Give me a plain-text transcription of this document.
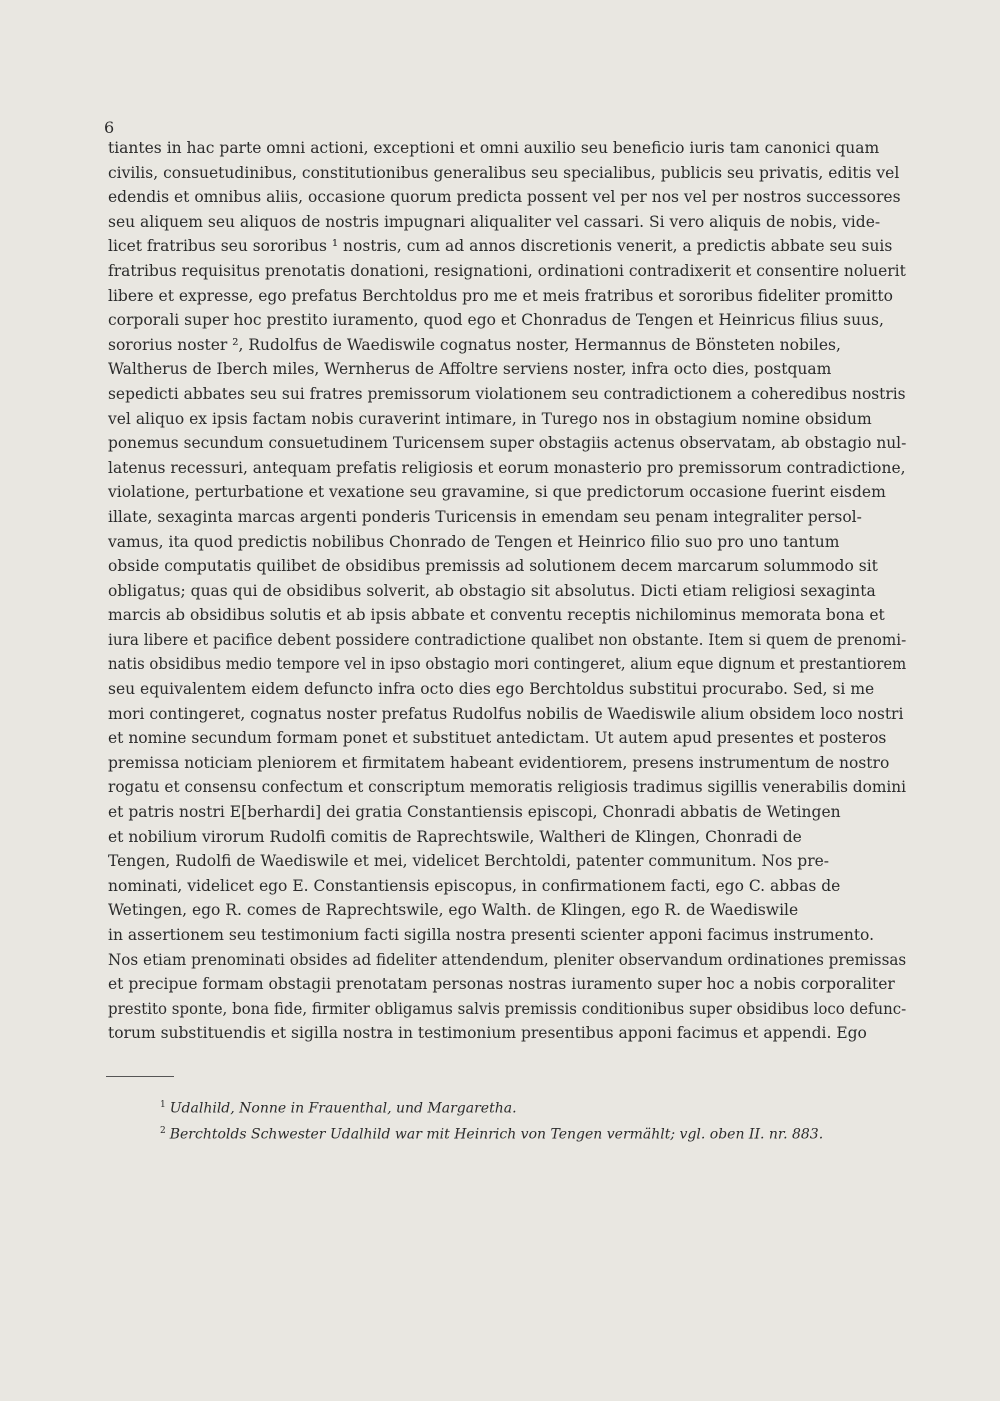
6
tiantes in hac parte omni actioni, exceptioni et omni auxilio seu beneficio iuris tam canonici quam
civilis, consuetudinibus, constitutionibus generalibus seu specialibus, publicis seu privatis, editis vel
edendis et omnibus aliis, occasione quorum predicta possent vel per nos vel per nostros successores
seu aliquem seu aliquos de nostris impugnari aliqualiter vel cassari. Si vero aliquis de nobis, vide-
licet fratribus seu sororibus ¹ nostris, cum ad annos discretionis venerit, a predictis abbate seu suis
fratribus requisitus prenotatis donationi, resignationi, ordinationi contradixerit et consentire noluerit
libere et expresse, ego prefatus Berchtoldus pro me et meis fratribus et sororibus fideliter promitto
corporali super hoc prestito iuramento, quod ego et Chonradus de Tengen et Heinricus filius suus,
sororius noster ², Rudolfus de Waediswile cognatus noster, Hermannus de Bönsteten nobiles,
Waltherus de Iberch miles, Wernherus de Affoltre serviens noster, infra octo dies, postquam
sepedicti abbates seu sui fratres premissorum violationem seu contradictionem a coheredibus nostris
vel aliquo ex ipsis factam nobis curaverint intimare, in Turego nos in obstagium nomine obsidum
ponemus secundum consuetudinem Turicensem super obstagiis actenus observatam, ab obstagio nul-
latenus recessuri, antequam prefatis religiosis et eorum monasterio pro premissorum contradictione,
violatione, perturbatione et vexatione seu gravamine, si que predictorum occasione fuerint eisdem
illate, sexaginta marcas argenti ponderis Turicensis in emendam seu penam integraliter persol-
vamus, ita quod predictis nobilibus Chonrado de Tengen et Heinrico filio suo pro uno tantum
obside computatis quilibet de obsidibus premissis ad solutionem decem marcarum solummodo sit
obligatus; quas qui de obsidibus solverit, ab obstagio sit absolutus. Dicti etiam religiosi sexaginta
marcis ab obsidibus solutis et ab ipsis abbate et conventu receptis nichilominus memorata bona et
iura libere et pacifice debent possidere contradictione qualibet non obstante. Item si quem de prenomi-
natis obsidibus medio tempore vel in ipso obstagio mori contingeret, alium eque dignum et prestantiorem
seu equivalentem eidem defuncto infra octo dies ego Berchtoldus substitui procurabo. Sed, si me
mori contingeret, cognatus noster prefatus Rudolfus nobilis de Waediswile alium obsidem loco nostri
et nomine secundum formam ponet et substituet antedictam. Ut autem apud presentes et posteros
premissa noticiam pleniorem et firmitatem habeant evidentiorem, presens instrumentum de nostro
rogatu et consensu confectum et conscriptum memoratis religiosis tradimus sigillis venerabilis domini
et patris nostri E[berhardi] dei gratia Constantiensis episcopi, Chonradi abbatis de Wetingen
et nobilium virorum Rudolfi comitis de Raprechtswile, Waltheri de Klingen, Chonradi de
Tengen, Rudolfi de Waediswile et mei, videlicet Berchtoldi, patenter communitum. Nos pre-
nominati, videlicet ego E. Constantiensis episcopus, in confirmationem facti, ego C. abbas de
Wetingen, ego R. comes de Raprechtswile, ego Walth. de Klingen, ego R. de Waediswile
in assertionem seu testimonium facti sigilla nostra presenti scienter apponi facimus instrumento.
Nos etiam prenominati obsides ad fideliter attendendum, pleniter observandum ordinationes premissas
et precipue formam obstagii prenotatam personas nostras iuramento super hoc a nobis corporaliter
prestito sponte, bona fide, firmiter obligamus salvis premissis conditionibus super obsidibus loco defunc-
torum substituendis et sigilla nostra in testimonium presentibus apponi facimus et appendi. Ego
$^1$ Udalhild, Nonne in Frauenthal, und Margaretha.
$^2$ Berchtolds Schwester Udalhild war mit Heinrich von Tengen vermählt; vgl. oben II. nr. 883.
